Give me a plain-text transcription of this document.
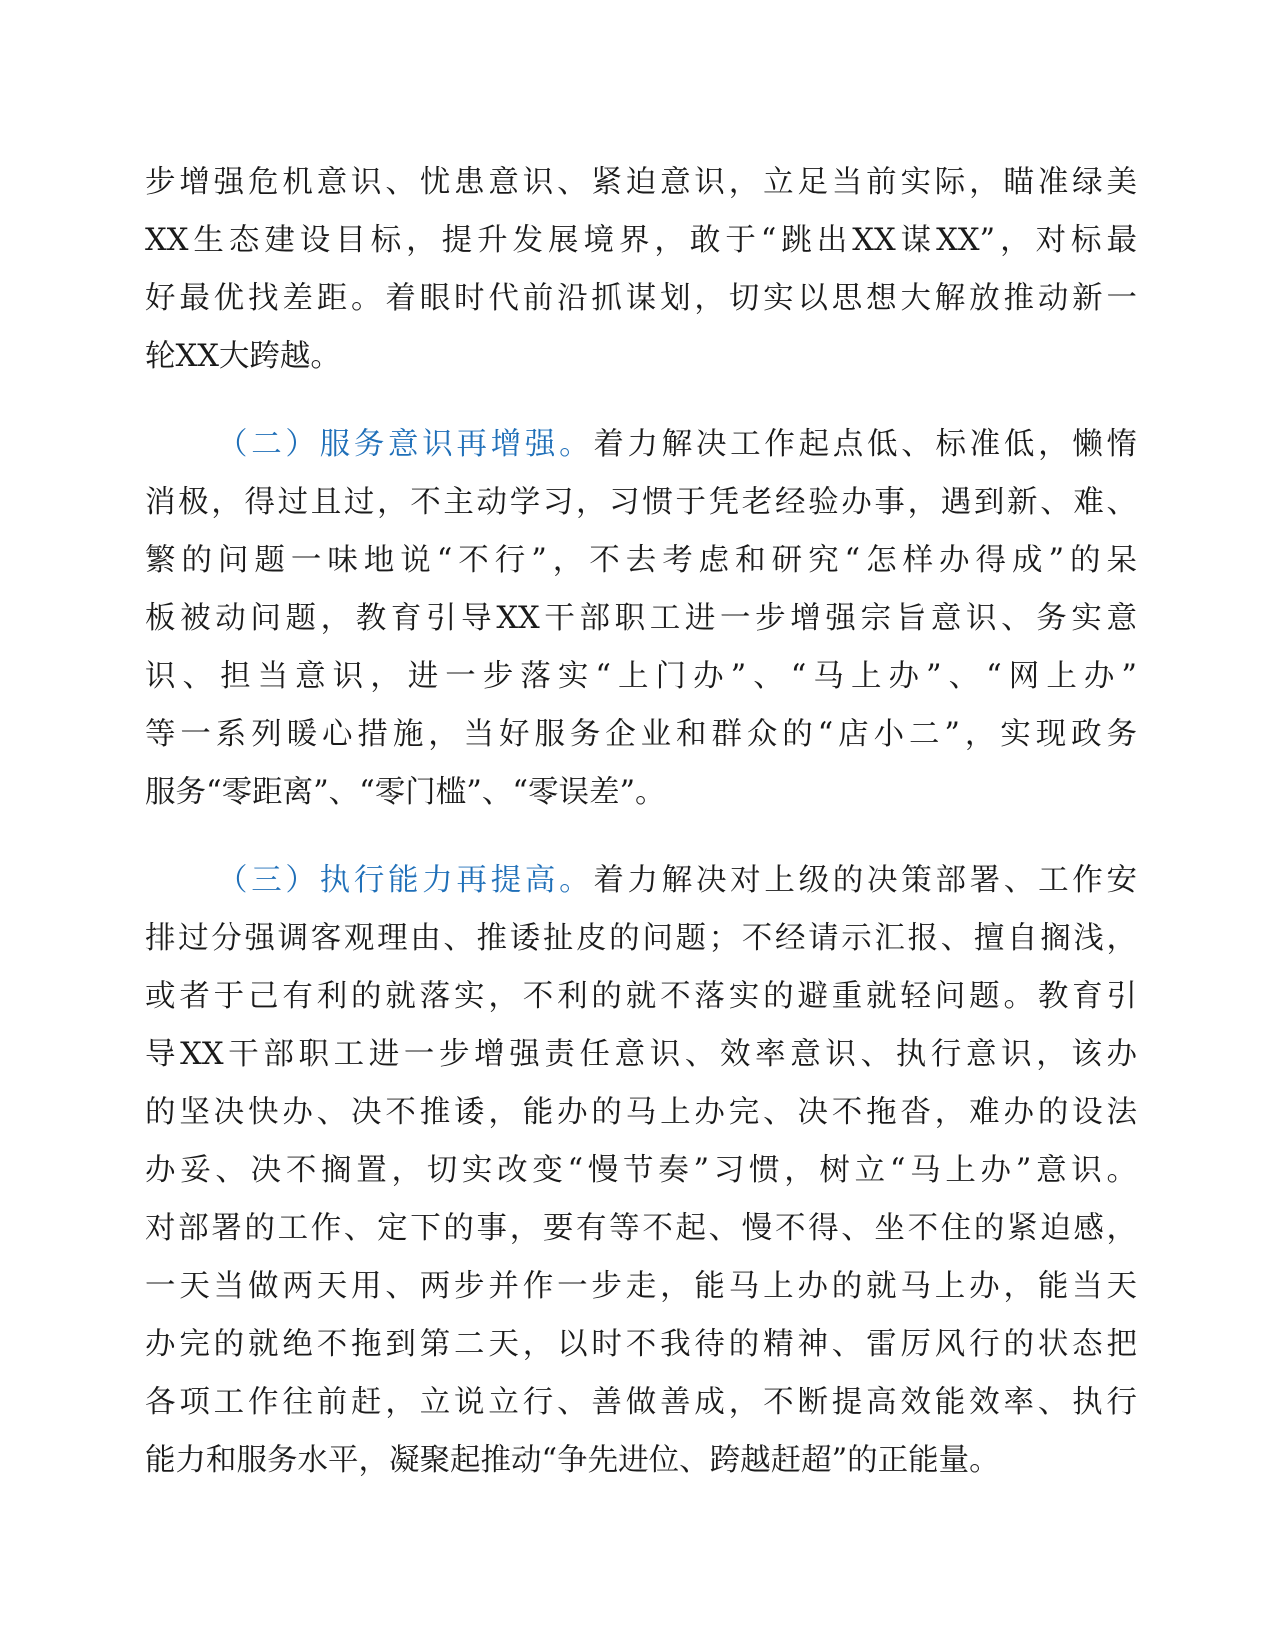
步增强危机意识、忧患意识、紧迫意识，立足当前实际，瞄准绿美
XX生态建设目标，提升发展境界，敢于“跳出XX谋XX”，对标最
好最优找差距。着眼时代前沿抓谋划，切实以思想大解放推动新一
轮XX大跨越。
（二）服务意识再增强。着力解决工作起点低、标准低，懒惰
消极，得过且过，不主动学习，习惯于凭老经验办事，遇到新、难、
繁的问题一味地说“不行”，不去考虑和研究“怎样办得成”的呆
板被动问题，教育引导XX干部职工进一步增强宗旨意识、务实意
识、担当意识，进一步落实“上门办”、“马上办”、“网上办”
等一系列暖心措施，当好服务企业和群众的“店小二”，实现政务
服务“零距离”、“零门槛”、“零误差”。
（三）执行能力再提高。着力解决对上级的决策部署、工作安
排过分强调客观理由、推诿扯皮的问题；不经请示汇报、擅自搁浅，
或者于己有利的就落实，不利的就不落实的避重就轻问题。教育引
导XX干部职工进一步增强责任意识、效率意识、执行意识，该办
的坚决快办、决不推诿，能办的马上办完、决不拖沓，难办的设法
办妥、决不搁置，切实改变“慢节奏”习惯，树立“马上办”意识。
对部署的工作、定下的事，要有等不起、慢不得、坐不住的紧迫感，
一天当做两天用、两步并作一步走，能马上办的就马上办，能当天
办完的就绝不拖到第二天，以时不我待的精神、雷厉风行的状态把
各项工作往前赶，立说立行、善做善成，不断提高效能效率、执行
能力和服务水平，凝聚起推动“争先进位、跨越赶超”的正能量。
